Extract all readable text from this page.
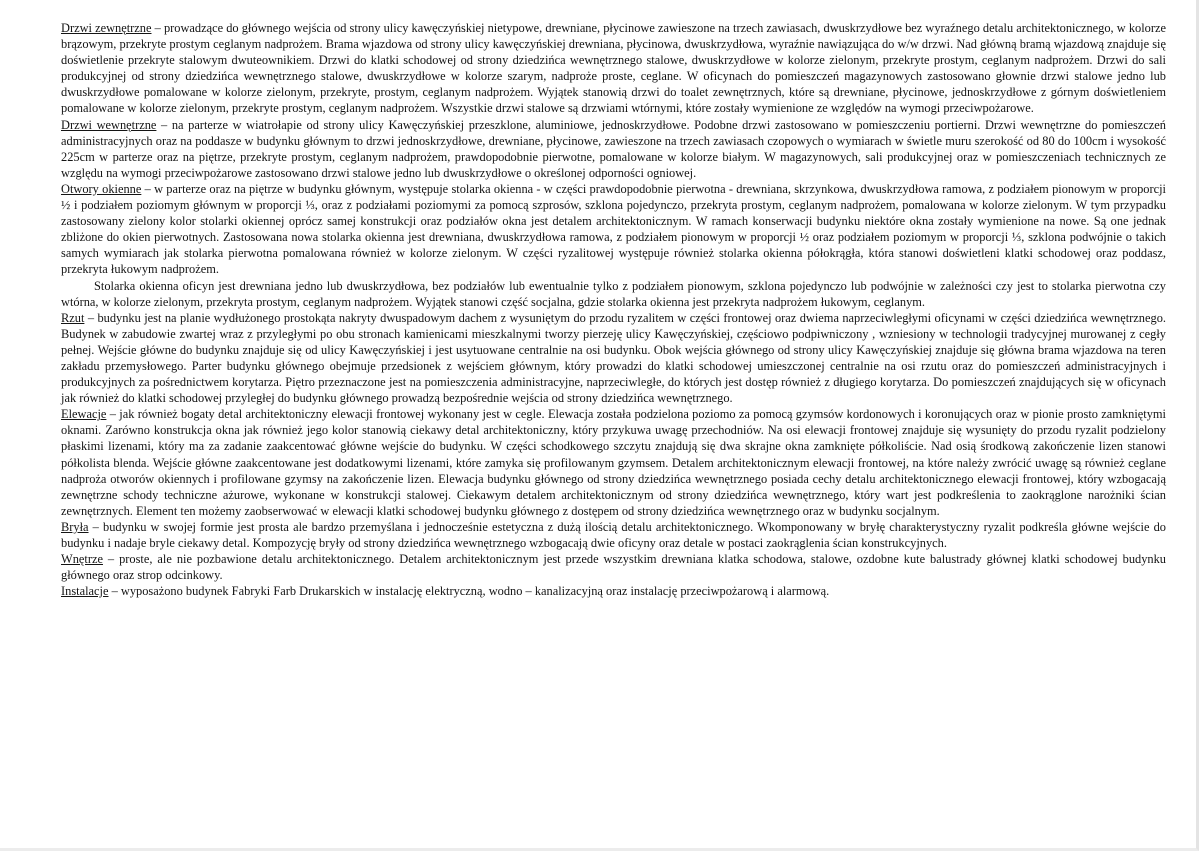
Drzwi zewnętrzne – prowadzące do głównego wejścia od strony ulicy kawęczyńskiej nietypowe, drewniane, płycinowe zawieszone na trzech zawiasach, dwuskrzydłowe bez wyraźnego detalu architektonicznego, w kolorze brązowym, przekryte prostym ceglanym nadprożem. Brama wjazdowa od strony ulicy kawęczyńskiej drewniana, płycinowa, dwuskrzydłowa, wyraźnie nawiązująca do w/w drzwi. Nad główną bramą wjazdową znajduje się doświetlenie przekryte stalowym dwuteownikiem. Drzwi do klatki schodowej od strony dziedzińca wewnętrznego stalowe, dwuskrzydłowe w kolorze zielonym, przekryte prostym, ceglanym nadprożem. Drzwi do sali produkcyjnej od strony dziedzińca wewnętrznego stalowe, dwuskrzydłowe w kolorze szarym, nadproże proste, ceglane. W oficynach do pomieszczeń magazynowych zastosowano głownie drzwi stalowe jedno lub dwuskrzydłowe pomalowane w kolorze zielonym, przekryte, prostym, ceglanym nadprożem. Wyjątek stanowią drzwi do toalet zewnętrznych, które są drewniane, płycinowe, jednoskrzydłowe z górnym doświetleniem pomalowane w kolorze zielonym, przekryte prostym, ceglanym nadprożem. Wszystkie drzwi stalowe są drzwiami wtórnymi, które zostały wymienione ze względów na wymogi przeciwpożarowe.

Drzwi wewnętrzne – na parterze w wiatrołapie od strony ulicy Kawęczyńskiej przeszklone, aluminiowe, jednoskrzydłowe. Podobne drzwi zastosowano w pomieszczeniu portierni. Drzwi wewnętrzne do pomieszczeń administracyjnych oraz na poddasze w budynku głównym to drzwi jednoskrzydłowe, drewniane, płycinowe, zawieszone na trzech zawiasach czopowych o wymiarach w świetle muru szerokość od 80 do 100cm i wysokość 225cm w parterze oraz na piętrze, przekryte prostym, ceglanym nadprożem, prawdopodobnie pierwotne, pomalowane w kolorze białym. W magazynowych, sali produkcyjnej oraz w pomieszczeniach technicznych ze względu na wymogi przeciwpożarowe zastosowano drzwi stalowe jedno lub dwuskrzydłowe o określonej odporności ogniowej.

Otwory okienne – w parterze oraz na piętrze w budynku głównym, występuje stolarka okienna - w części prawdopodobnie pierwotna - drewniana, skrzynkowa, dwuskrzydłowa ramowa, z podziałem pionowym w proporcji ½ i podziałem poziomym głównym w proporcji ⅓, oraz z podziałami poziomymi za pomocą szprosów, szklona pojedynczo, przekryta prostym, ceglanym nadprożem, pomalowana w kolorze zielonym. W tym przypadku zastosowany zielony kolor stolarki okiennej oprócz samej konstrukcji oraz podziałów okna jest detalem architektonicznym. W ramach konserwacji budynku niektóre okna zostały wymienione na nowe. Są one jednak zbliżone do okien pierwotnych. Zastosowana nowa stolarka okienna jest drewniana, dwuskrzydłowa ramowa, z podziałem pionowym w proporcji ½ oraz podziałem poziomym w proporcji ⅓, szklona podwójnie o takich samych wymiarach jak stolarka pierwotna pomalowana również w kolorze zielonym. W części ryzalitowej występuje również stolarka okienna półokrągła, która stanowi doświetleni klatki schodowej oraz poddasz, przekryta łukowym nadprożem.

Stolarka okienna oficyn jest drewniana jedno lub dwuskrzydłowa, bez podziałów lub ewentualnie tylko z podziałem pionowym, szklona pojedynczo lub podwójnie w zależności czy jest to stolarka pierwotna czy wtórna, w kolorze zielonym, przekryta prostym, ceglanym nadprożem. Wyjątek stanowi część socjalna, gdzie stolarka okienna jest przekryta nadprożem łukowym, ceglanym.

Rzut – budynku jest na planie wydłużonego prostokąta nakryty dwuspadowym dachem z wysuniętym do przodu ryzalitem w części frontowej oraz dwiema naprzeciwległymi oficynami w części dziedzińca wewnętrznego. Budynek w zabudowie zwartej wraz z przyległymi po obu stronach kamienicami mieszkalnymi tworzy pierzeję ulicy Kawęczyńskiej, częściowo podpiwniczony , wzniesiony w technologii tradycyjnej murowanej z cegły pełnej. Wejście główne do budynku znajduje się od ulicy Kawęczyńskiej i jest usytuowane centralnie na osi budynku. Obok wejścia głównego od strony ulicy Kawęczyńskiej znajduje się główna brama wjazdowa na teren zakładu przemysłowego. Parter budynku głównego obejmuje przedsionek z wejściem głównym, który prowadzi do klatki schodowej umieszczonej centralnie na osi rzutu oraz do pomieszczeń administracyjnych i produkcyjnych za pośrednictwem korytarza. Piętro przeznaczone jest na pomieszczenia administracyjne, naprzeciwległe, do których jest dostęp również z długiego korytarza. Do pomieszczeń znajdujących się w oficynach jak również do klatki schodowej przyległej do budynku głównego prowadzą bezpośrednie wejścia od strony dziedzińca wewnętrznego.

Elewacje – jak również bogaty detal architektoniczny elewacji frontowej wykonany jest w cegle. Elewacja została podzielona poziomo za pomocą gzymsów kordonowych i koronujących oraz w pionie prosto zamkniętymi oknami. Zarówno konstrukcja okna jak również jego kolor stanowią ciekawy detal architektoniczny, który przykuwa uwagę przechodniów. Na osi elewacji frontowej znajduje się wysunięty do przodu ryzalit podzielony płaskimi lizenami, który ma za zadanie zaakcentować główne wejście do budynku. W części schodkowego szczytu znajdują się dwa skrajne okna zamknięte półkoliście. Nad osią środkową zakończenie lizen stanowi półkolista blenda. Wejście główne zaakcentowane jest dodatkowymi lizenami, które zamyka się profilowanym gzymsem. Detalem architektonicznym elewacji frontowej, na które należy zwrócić uwagę są również ceglane nadproża otworów okiennych i profilowane gzymsy na zakończenie lizen. Elewacja budynku głównego od strony dziedzińca wewnętrznego posiada cechy detalu architektonicznego elewacji frontowej, który wzbogacają zewnętrzne schody techniczne ażurowe, wykonane w konstrukcji stalowej. Ciekawym detalem architektonicznym od strony dziedzińca wewnętrznego, który wart jest podkreślenia to zaokrąglone narożniki ścian zewnętrznych. Element ten możemy zaobserwować w elewacji klatki schodowej budynku głównego z dostępem od strony dziedzińca wewnętrznego oraz w budynku socjalnym.

Bryła – budynku w swojej formie jest prosta ale bardzo przemyślana i jednocześnie estetyczna z dużą ilością detalu architektonicznego. Wkomponowany w bryłę charakterystyczny ryzalit podkreśla główne wejście do budynku i nadaje bryle ciekawy detal. Kompozycję bryły od strony dziedzińca wewnętrznego wzbogacają dwie oficyny oraz detale w postaci zaokrąglenia ścian konstrukcyjnych.

Wnętrze – proste, ale nie pozbawione detalu architektonicznego. Detalem architektonicznym jest przede wszystkim drewniana klatka schodowa, stalowe, ozdobne kute balustrady głównej klatki schodowej budynku głównego oraz strop odcinkowy.

Instalacje – wyposażono budynek Fabryki Farb Drukarskich w instalację elektryczną, wodno – kanalizacyjną oraz instalację przeciwpożarową i alarmową.
